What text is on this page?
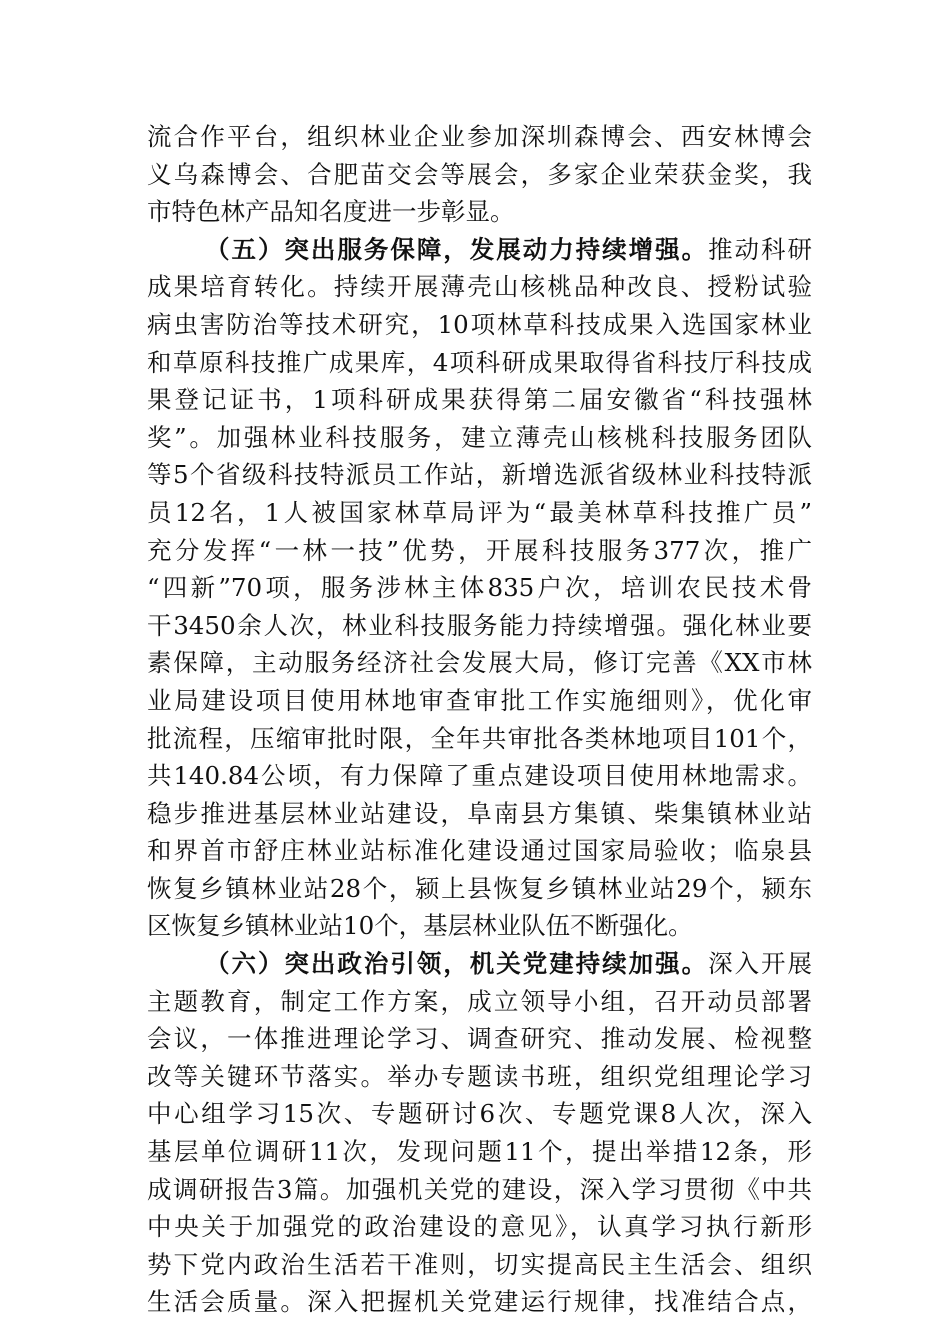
流合作平台，组织林业企业参加深圳森博会、西安林博会
义乌森博会、合肥苗交会等展会，多家企业荣获金奖，我
市特色林产品知名度进一步彰显。
（五）突出服务保障，发展动力持续增强。推动科研
成果培育转化。持续开展薄壳山核桃品种改良、授粉试验
病虫害防治等技术研究，10项林草科技成果入选国家林业
和草原科技推广成果库，4项科研成果取得省科技厅科技成
果登记证书，1项科研成果获得第二届安徽省“科技强林
奖”。加强林业科技服务，建立薄壳山核桃科技服务团队
等5个省级科技特派员工作站，新增选派省级林业科技特派
员12名，1人被国家林草局评为“最美林草科技推广员”
充分发挥“一林一技”优势，开展科技服务377次，推广
“四新”70项，服务涉林主体835户次，培训农民技术骨
干3450余人次，林业科技服务能力持续增强。强化林业要
素保障，主动服务经济社会发展大局，修订完善《XX市林
业局建设项目使用林地审查审批工作实施细则》，优化审
批流程，压缩审批时限，全年共审批各类林地项目101个，
共140.84公顷，有力保障了重点建设项目使用林地需求。
稳步推进基层林业站建设，阜南县方集镇、柴集镇林业站
和界首市舒庄林业站标准化建设通过国家局验收；临泉县
恢复乡镇林业站28个，颍上县恢复乡镇林业站29个，颍东
区恢复乡镇林业站10个，基层林业队伍不断强化。
（六）突出政治引领，机关党建持续加强。深入开展
主题教育，制定工作方案，成立领导小组，召开动员部署
会议，一体推进理论学习、调查研究、推动发展、检视整
改等关键环节落实。举办专题读书班，组织党组理论学习
中心组学习15次、专题研讨6次、专题党课8人次，深入
基层单位调研11次，发现问题11个，提出举措12条，形
成调研报告3篇。加强机关党的建设，深入学习贯彻《中共
中央关于加强党的政治建设的意见》，认真学习执行新形
势下党内政治生活若干准则，切实提高民主生活会、组织
生活会质量。深入把握机关党建运行规律，找准结合点，
